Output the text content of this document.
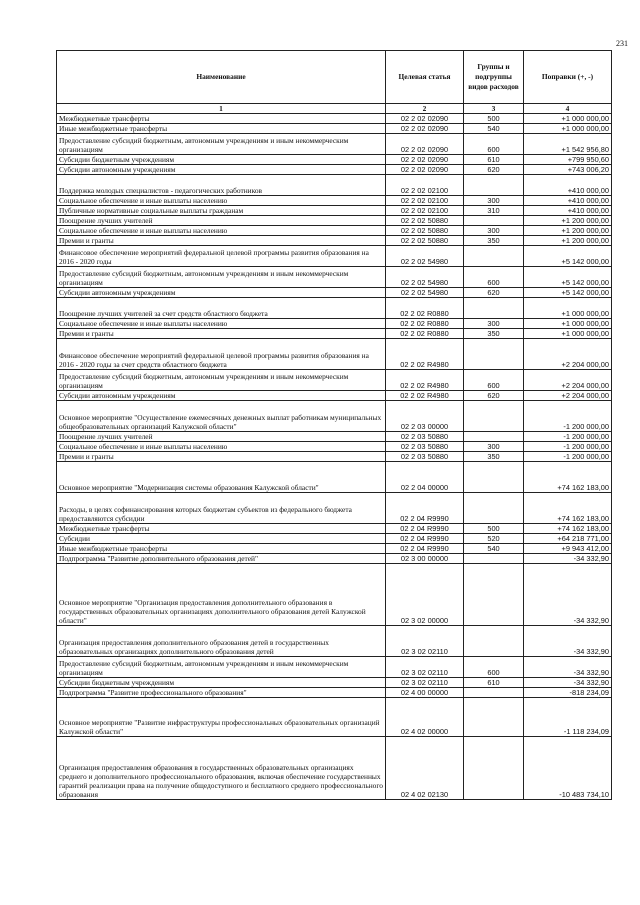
231
Наименование	Целевая статья	Группы и подгруппы видов расходов	Поправки (+, -)
1	2	3	4
Межбюджетные трансферты	02 2 02 02090	500	+1 000 000,00
Иные межбюджетные трансферты	02 2 02 02090	540	+1 000 000,00
Предоставление субсидий бюджетным, автономным учреждениям и иным некоммерческим организациям	02 2 02 02090	600	+1 542 956,80
Субсидии бюджетным учреждениям	02 2 02 02090	610	+799 950,60
Субсидии автономным учреждениям	02 2 02 02090	620	+743 006,20
Поддержка молодых специалистов - педагогических работников	02 2 02 02100		+410 000,00
Социальное обеспечение и иные выплаты населению	02 2 02 02100	300	+410 000,00
Публичные нормативные социальные выплаты гражданам	02 2 02 02100	310	+410 000,00
Поощрение лучших учителей	02 2 02 50880		+1 200 000,00
Социальное обеспечение и иные выплаты населению	02 2 02 50880	300	+1 200 000,00
Премии и гранты	02 2 02 50880	350	+1 200 000,00
Финансовое обеспечение мероприятий федеральной целевой программы развития образования на 2016 - 2020 годы	02 2 02 54980		+5 142 000,00
Предоставление субсидий бюджетным, автономным учреждениям и иным некоммерческим организациям	02 2 02 54980	600	+5 142 000,00
Субсидии автономным учреждениям	02 2 02 54980	620	+5 142 000,00
Поощрение лучших учителей за счет средств областного бюджета	02 2 02 R0880		+1 000 000,00
Социальное обеспечение и иные выплаты населению	02 2 02 R0880	300	+1 000 000,00
Премии и гранты	02 2 02 R0880	350	+1 000 000,00
Финансовое обеспечение мероприятий федеральной целевой программы развития образования на 2016 - 2020 годы за счет средств областного бюджета	02 2 02 R4980		+2 204 000,00
Предоставление субсидий бюджетным, автономным учреждениям и иным некоммерческим организациям	02 2 02 R4980	600	+2 204 000,00
Субсидии автономным учреждениям	02 2 02 R4980	620	+2 204 000,00
Основное мероприятие "Осуществление ежемесячных денежных выплат работникам муниципальных общеобразовательных организаций Калужской области"	02 2 03 00000		-1 200 000,00
Поощрение лучших учителей	02 2 03 50880		-1 200 000,00
Социальное обеспечение и иные выплаты населению	02 2 03 50880	300	-1 200 000,00
Премии и гранты	02 2 03 50880	350	-1 200 000,00
Основное мероприятие "Модернизация системы образования Калужской области"	02 2 04 00000		+74 162 183,00
Расходы, в целях софинансирования которых бюджетам субъектов из федерального бюджета предоставляются субсидии	02 2 04 R9990		+74 162 183,00
Межбюджетные трансферты	02 2 04 R9990	500	+74 162 183,00
Субсидии	02 2 04 R9990	520	+64 218 771,00
Иные межбюджетные трансферты	02 2 04 R9990	540	+9 943 412,00
Подпрограмма "Развитие дополнительного образования детей"	02 3 00 00000		-34 332,90
Основное мероприятие "Организация предоставления дополнительного образования в государственных образовательных организациях дополнительного образования детей Калужской области"	02 3 02 00000		-34 332,90
Организация предоставления дополнительного образования детей в государственных образовательных организациях дополнительного образования детей	02 3 02 02110		-34 332,90
Предоставление субсидий бюджетным, автономным учреждениям и иным некоммерческим организациям	02 3 02 02110	600	-34 332,90
Субсидии бюджетным учреждениям	02 3 02 02110	610	-34 332,90
Подпрограмма "Развитие профессионального образования"	02 4 00 00000		-818 234,09
Основное мероприятие "Развитие инфраструктуры профессиональных образовательных организаций Калужской области"	02 4 02 00000		-1 118 234,09
Организация предоставления образования в государственных образовательных организациях среднего и дополнительного профессионального образования, включая обеспечение государственных гарантий реализации права на получение общедоступного и бесплатного среднего профессионального образования	02 4 02 02130		-10 483 734,10
